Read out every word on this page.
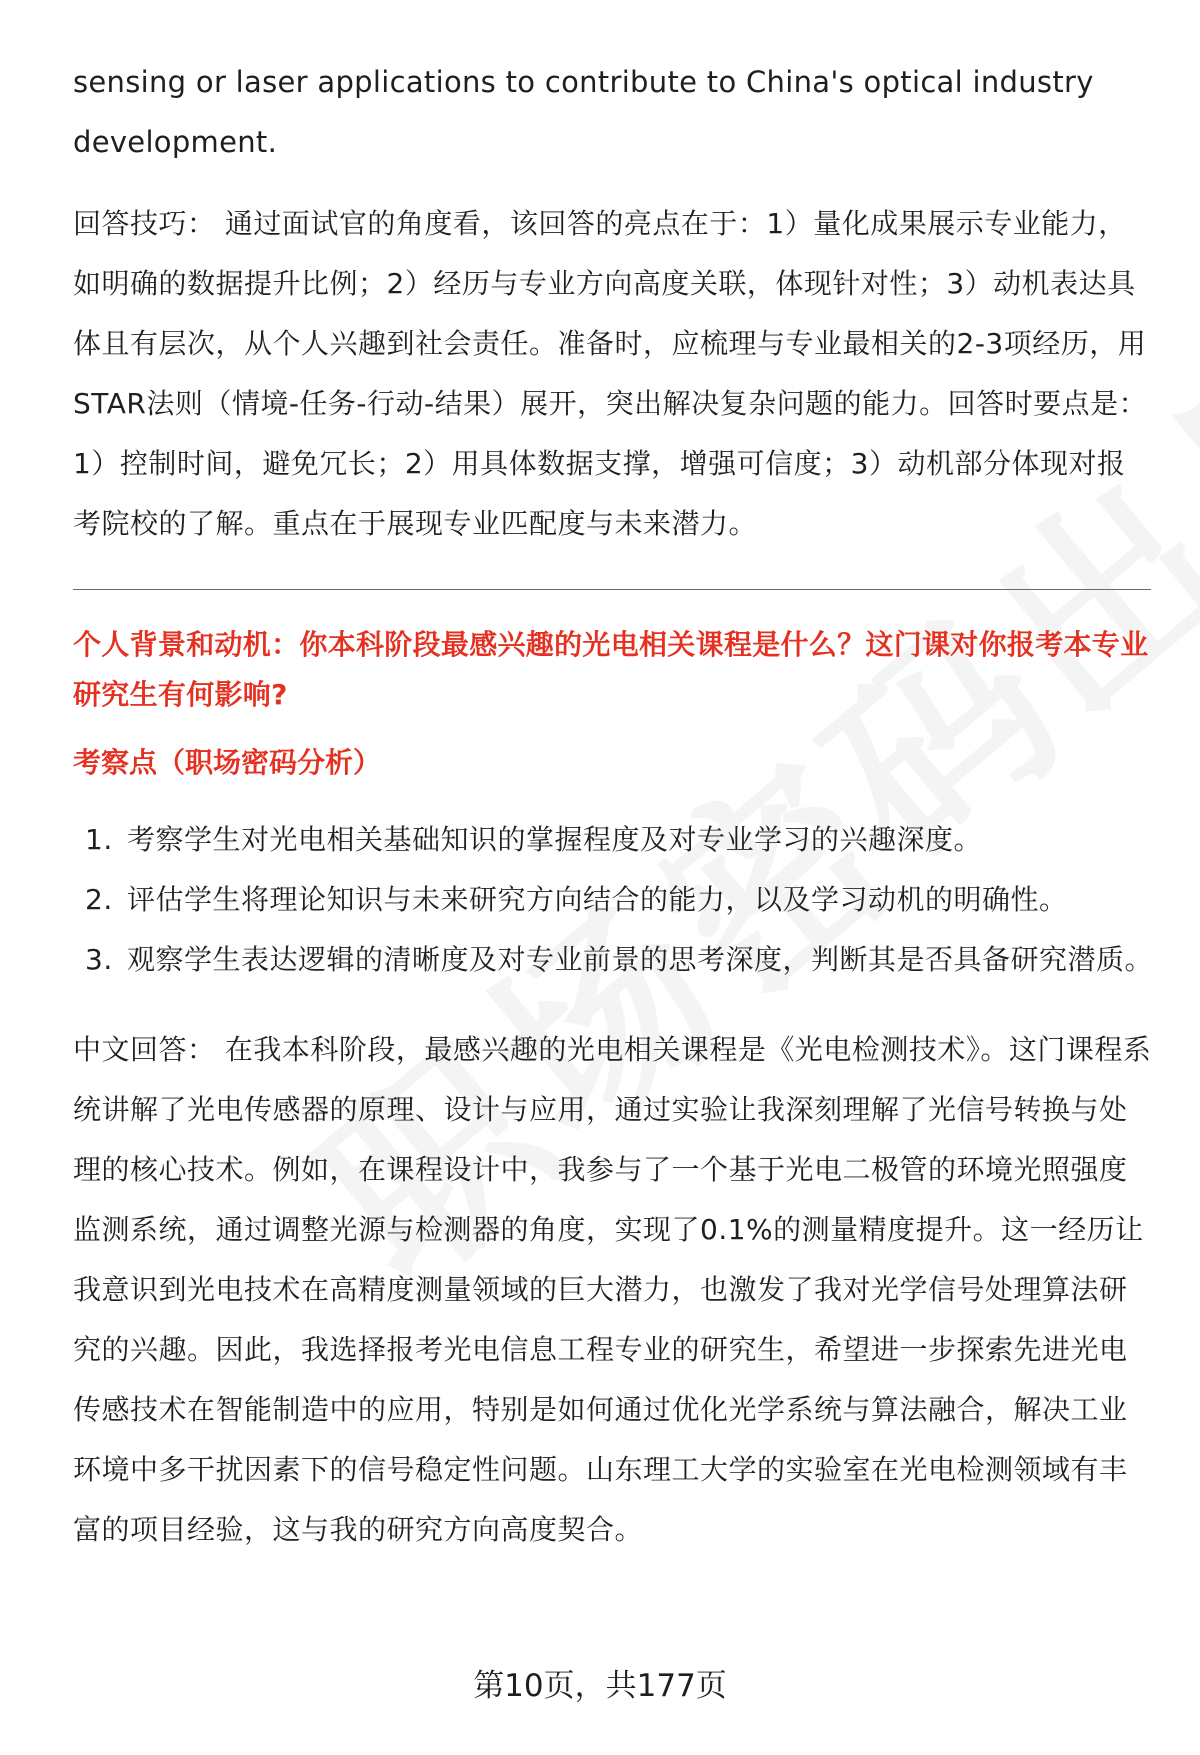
sensing or laser applications to contribute to China's optical industry development.

回答技巧： 通过面试官的角度看，该回答的亮点在于：1）量化成果展示专业能力，如明确的数据提升比例；2）经历与专业方向高度关联，体现针对性；3）动机表达具体且有层次，从个人兴趣到社会责任。准备时，应梳理与专业最相关的2-3项经历，用STAR法则（情境-任务-行动-结果）展开，突出解决复杂问题的能力。回答时要点是：1）控制时间，避免冗长；2）用具体数据支撑，增强可信度；3）动机部分体现对报考院校的了解。重点在于展现专业匹配度与未来潜力。

个人背景和动机：你本科阶段最感兴趣的光电相关课程是什么？这门课对你报考本专业研究生有何影响?

考察点（职场密码分析）

1. 考察学生对光电相关基础知识的掌握程度及对专业学习的兴趣深度。
2. 评估学生将理论知识与未来研究方向结合的能力，以及学习动机的明确性。
3. 观察学生表达逻辑的清晰度及对专业前景的思考深度，判断其是否具备研究潜质。

中文回答： 在我本科阶段，最感兴趣的光电相关课程是《光电检测技术》。这门课程系统讲解了光电传感器的原理、设计与应用，通过实验让我深刻理解了光信号转换与处理的核心技术。例如，在课程设计中，我参与了一个基于光电二极管的环境光照强度监测系统，通过调整光源与检测器的角度，实现了0.1%的测量精度提升。这一经历让我意识到光电技术在高精度测量领域的巨大潜力，也激发了我对光学信号处理算法研究的兴趣。因此，我选择报考光电信息工程专业的研究生，希望进一步探索先进光电传感技术在智能制造中的应用，特别是如何通过优化光学系统与算法融合，解决工业环境中多干扰因素下的信号稳定性问题。山东理工大学的实验室在光电检测领域有丰富的项目经验，这与我的研究方向高度契合。

第10页，共177页
